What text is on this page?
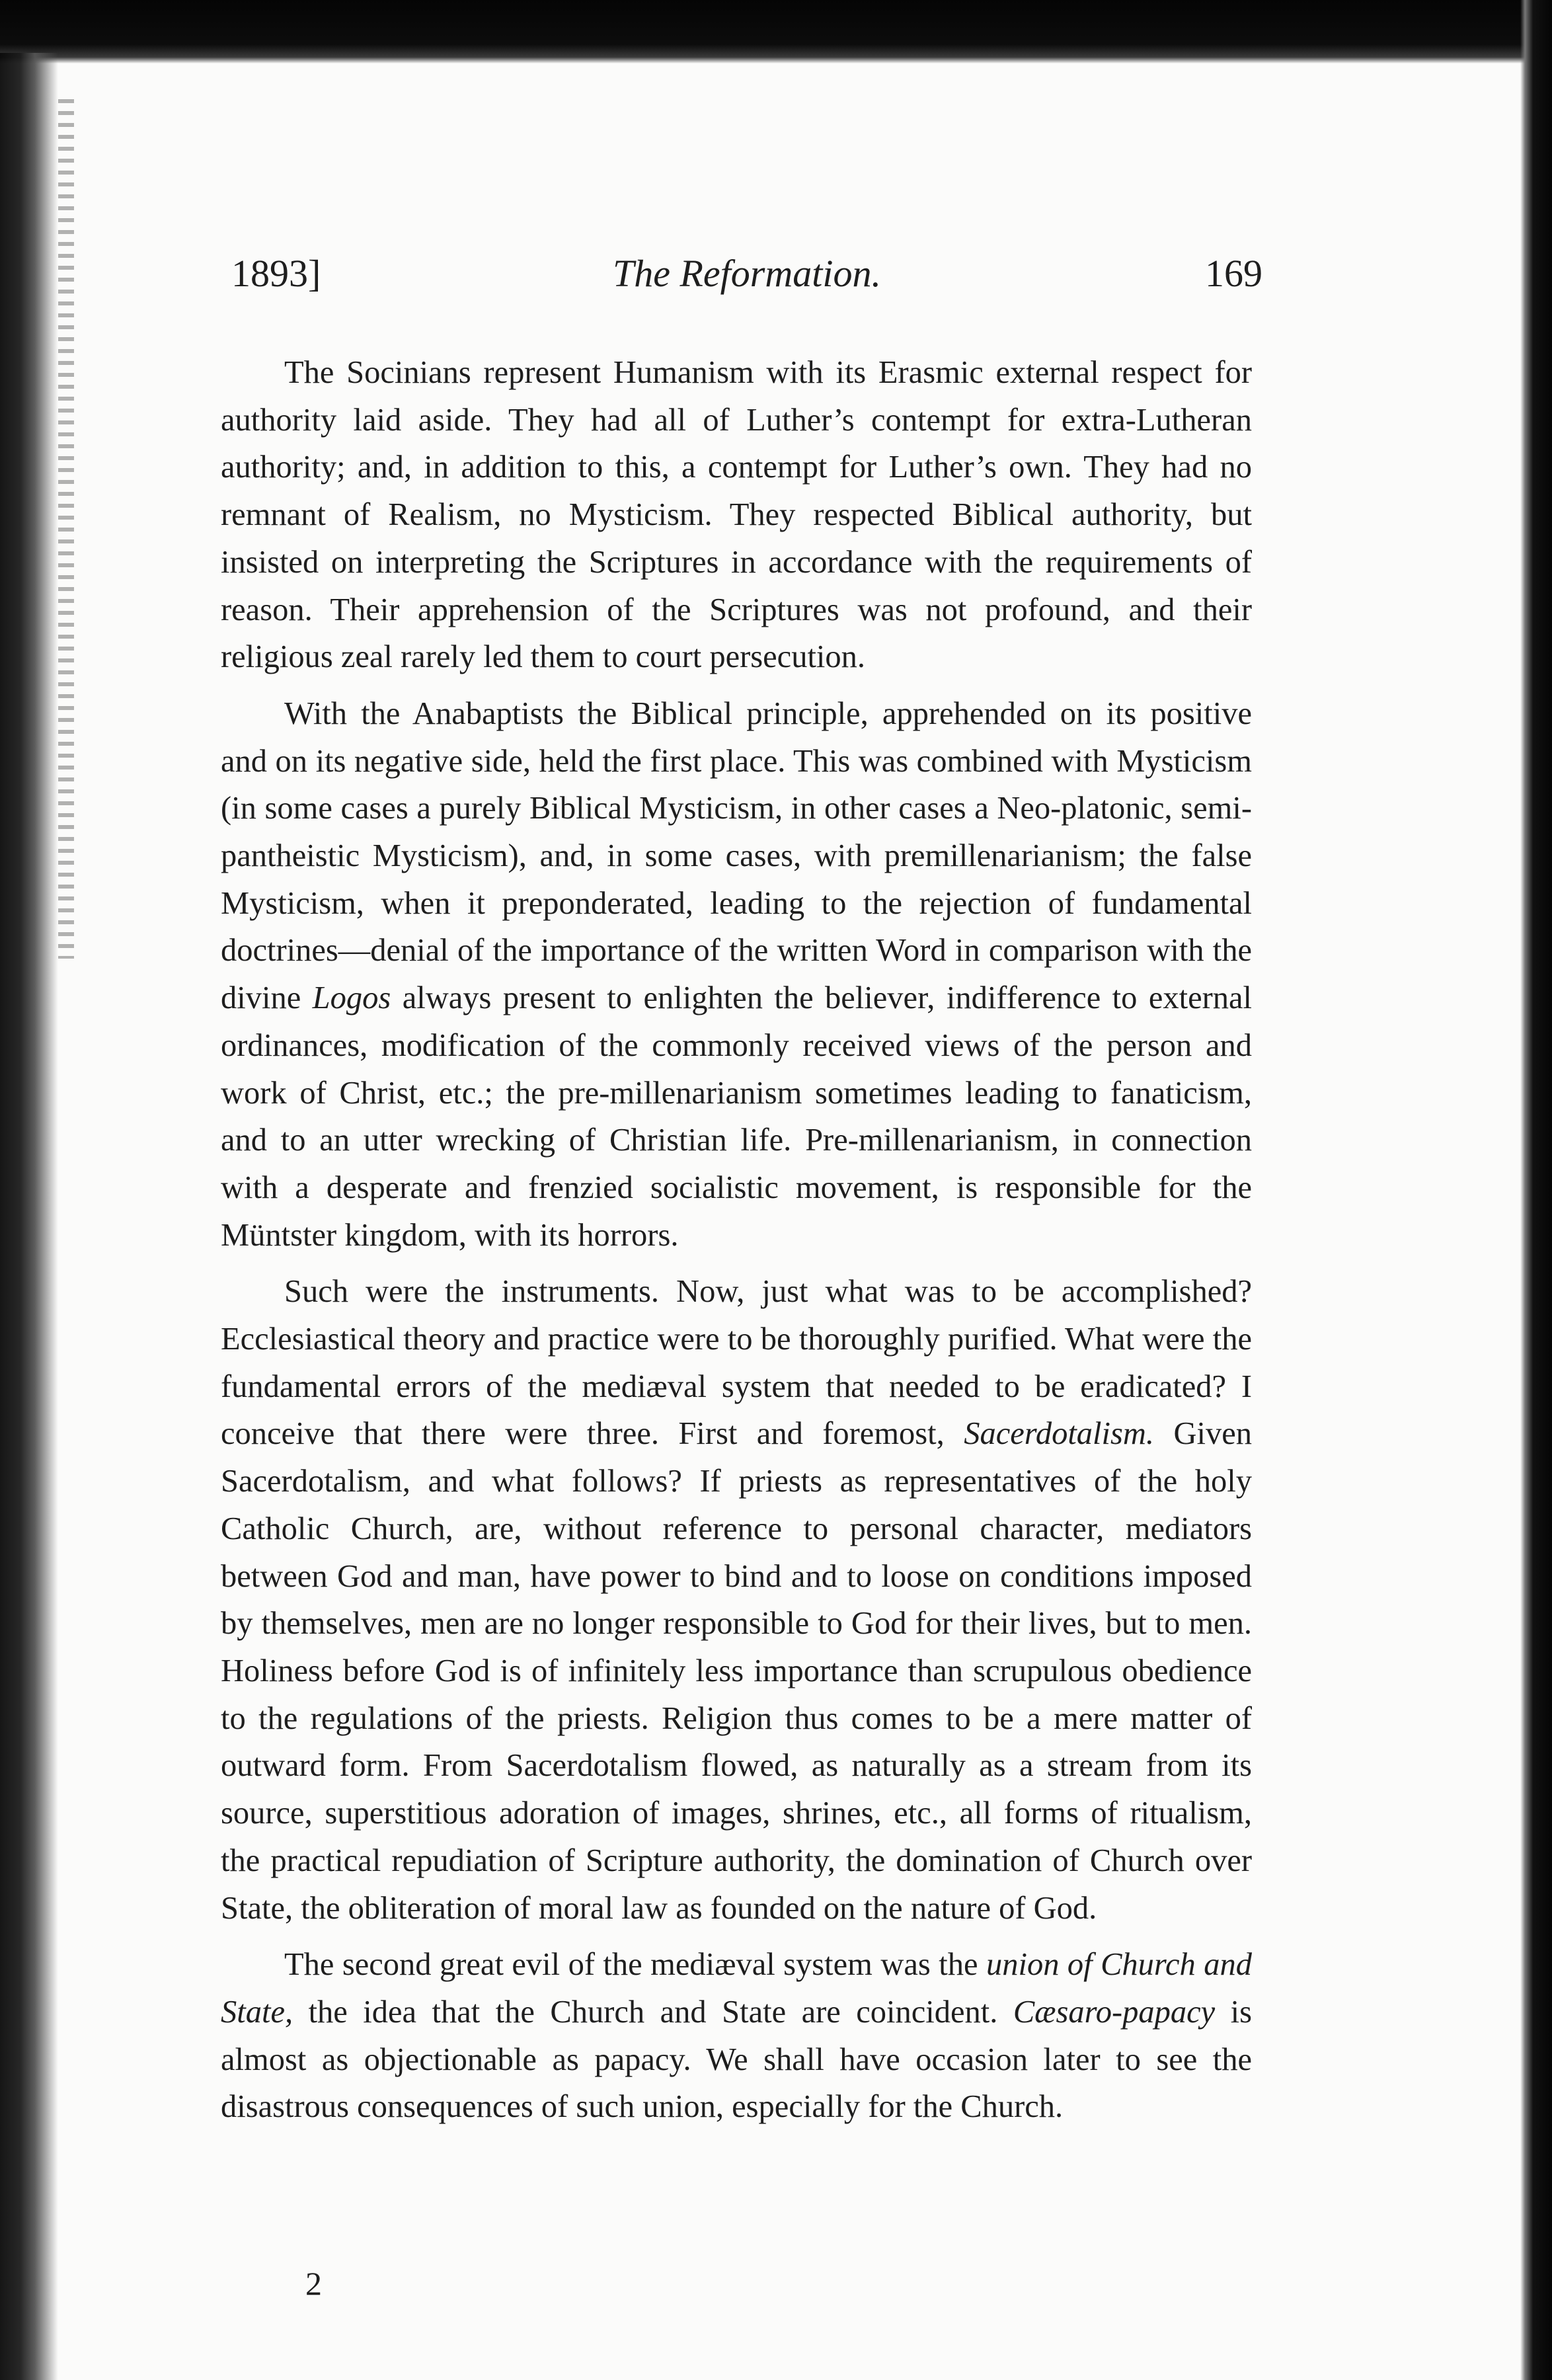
1893]	The Reformation.	169

The Socinians represent Humanism with its Erasmic external respect for authority laid aside. They had all of Luther’s contempt for extra-Lutheran authority; and, in addition to this, a contempt for Luther’s own. They had no remnant of Realism, no Mysticism. They respected Biblical authority, but insisted on interpreting the Scriptures in accordance with the requirements of reason. Their apprehension of the Scriptures was not profound, and their religious zeal rarely led them to court persecution.

With the Anabaptists the Biblical principle, apprehended on its positive and on its negative side, held the first place. This was combined with Mysticism (in some cases a purely Biblical Mysticism, in other cases a Neo-platonic, semi-pantheistic Mysticism), and, in some cases, with premillenarianism; the false Mysticism, when it preponderated, leading to the rejection of fundamental doctrines—denial of the importance of the written Word in comparison with the divine Logos always present to enlighten the believer, indifference to external ordinances, modification of the commonly received views of the person and work of Christ, etc.; the pre-millenarianism sometimes leading to fanaticism, and to an utter wrecking of Christian life. Pre-millenarianism, in connection with a desperate and frenzied socialistic movement, is responsible for the Müntster kingdom, with its horrors.

Such were the instruments. Now, just what was to be accomplished? Ecclesiastical theory and practice were to be thoroughly purified. What were the fundamental errors of the mediæval system that needed to be eradicated? I conceive that there were three. First and foremost, Sacerdotalism. Given Sacerdotalism, and what follows? If priests as representatives of the holy Catholic Church, are, without reference to personal character, mediators between God and man, have power to bind and to loose on conditions imposed by themselves, men are no longer responsible to God for their lives, but to men. Holiness before God is of infinitely less importance than scrupulous obedience to the regulations of the priests. Religion thus comes to be a mere matter of outward form. From Sacerdotalism flowed, as naturally as a stream from its source, superstitious adoration of images, shrines, etc., all forms of ritualism, the practical repudiation of Scripture authority, the domination of Church over State, the obliteration of moral law as founded on the nature of God.

The second great evil of the mediæval system was the union of Church and State, the idea that the Church and State are coincident. Cæsaro-papacy is almost as objectionable as papacy. We shall have occasion later to see the disastrous consequences of such union, especially for the Church.

2
